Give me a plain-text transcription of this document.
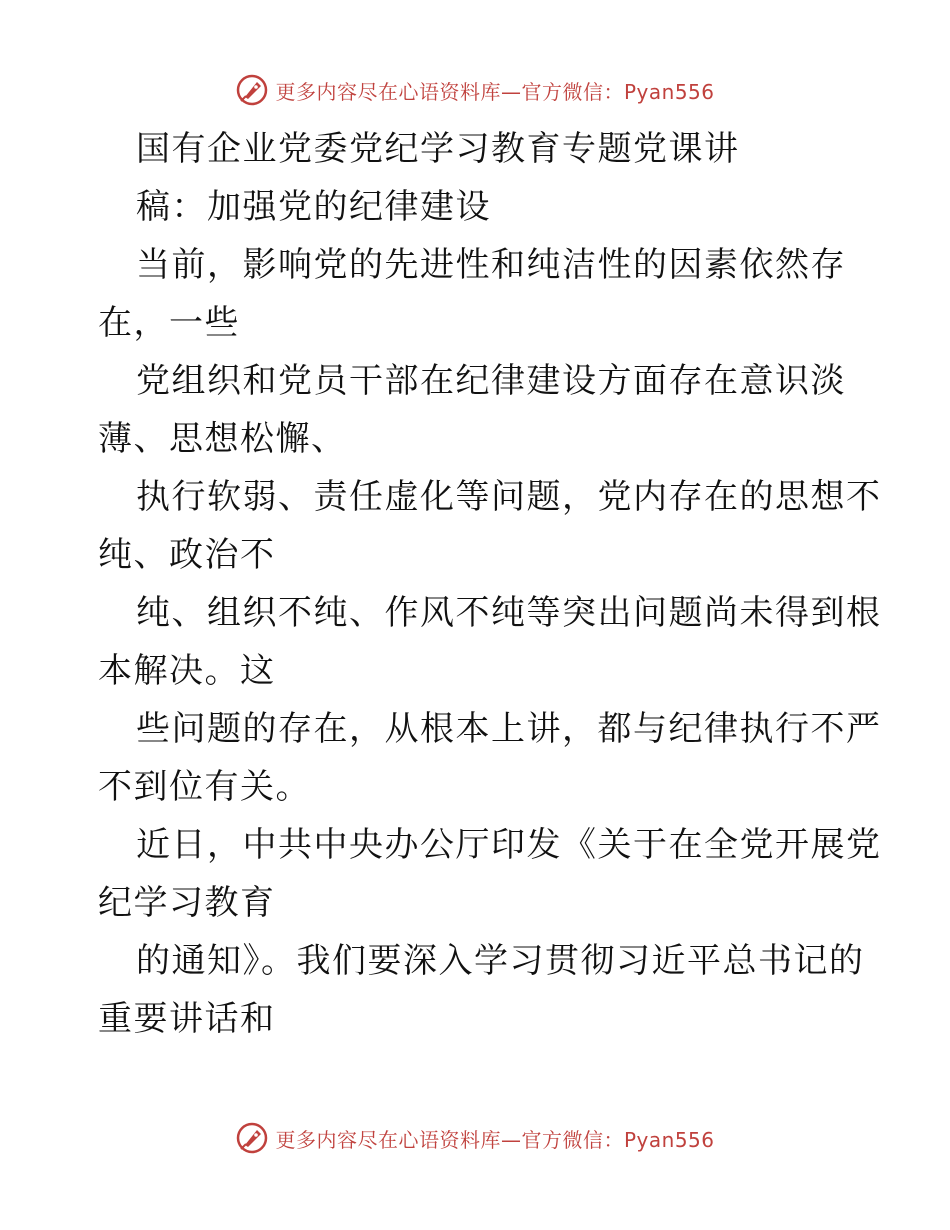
更多内容尽在心语资料库—官方微信：Pyan556
国有企业党委党纪学习教育专题党课讲
稿：加强党的纪律建设
当前，影响党的先进性和纯洁性的因素依然存
在，一些
党组织和党员干部在纪律建设方面存在意识淡
薄、思想松懈、
执行软弱、责任虚化等问题，党内存在的思想不
纯、政治不
纯、组织不纯、作风不纯等突出问题尚未得到根
本解决。这
些问题的存在，从根本上讲，都与纪律执行不严
不到位有关。
近日，中共中央办公厅印发《关于在全党开展党
纪学习教育
的通知》。我们要深入学习贯彻习近平总书记的
重要讲话和
更多内容尽在心语资料库—官方微信：Pyan556
